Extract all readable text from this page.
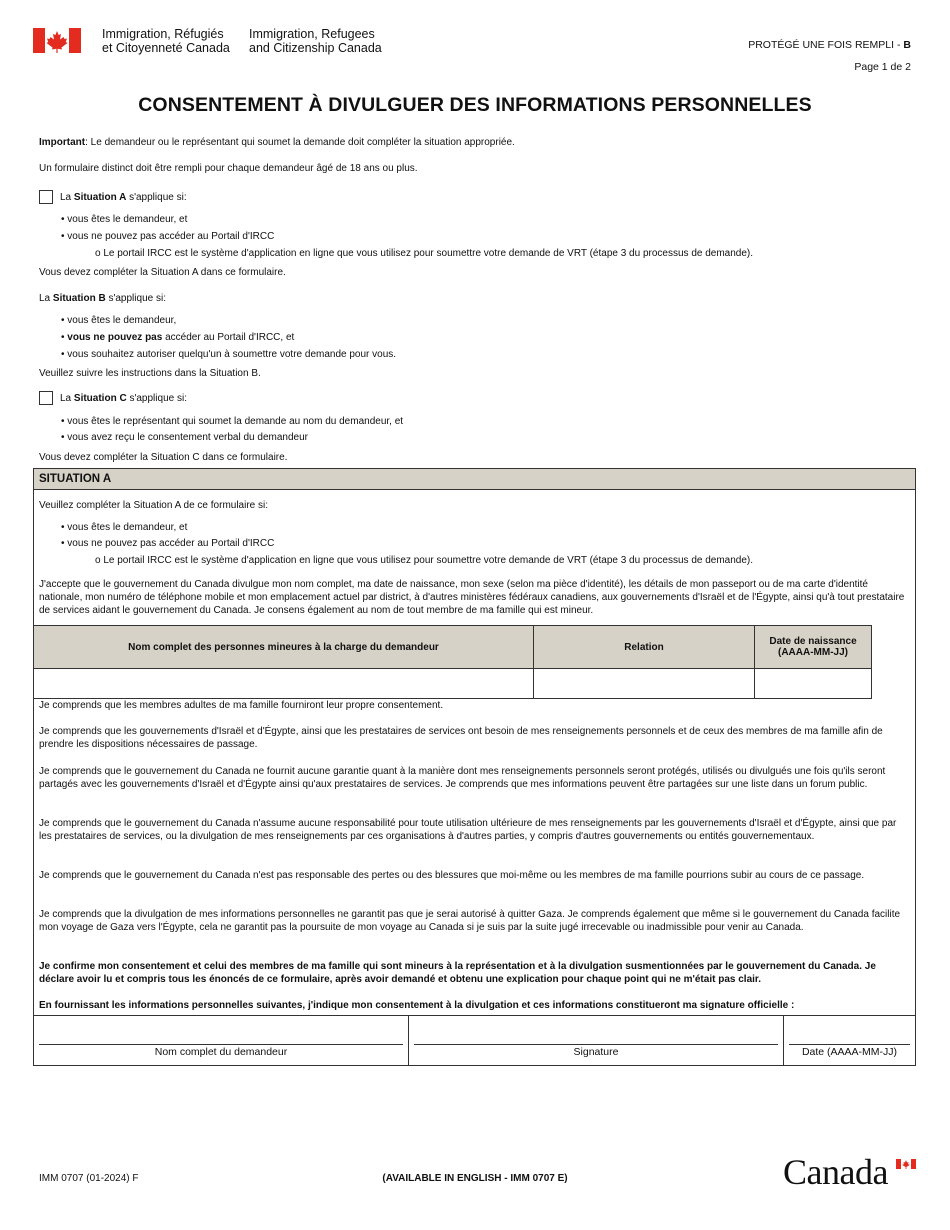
Immigration, Réfugiés
et Citoyenneté Canada
Immigration, Refugees
and Citizenship Canada	PROTÉGÉ UNE FOIS REMPLI - B
Page 1 de 2
CONSENTEMENT À DIVULGUER DES INFORMATIONS PERSONNELLES
Important: Le demandeur ou le représentant qui soumet la demande doit compléter la situation appropriée.
Un formulaire distinct doit être rempli pour chaque demandeur âgé de 18 ans ou plus.
La Situation A s'applique si:
• vous êtes le demandeur, et
• vous ne pouvez pas accéder au Portail d'IRCC
o Le portail IRCC est le système d'application en ligne que vous utilisez pour soumettre votre demande de VRT (étape 3 du processus de demande).
Vous devez compléter la Situation A dans ce formulaire.
La Situation B s'applique si:
• vous êtes le demandeur,
• vous ne pouvez pas accéder au Portail d'IRCC, et
• vous souhaitez autoriser quelqu'un à soumettre votre demande pour vous.
Veuillez suivre les instructions dans la Situation B.
La Situation C s'applique si:
• vous êtes le représentant qui soumet la demande au nom du demandeur, et
• vous avez reçu le consentement verbal du demandeur
Vous devez compléter la Situation C dans ce formulaire.
SITUATION A
Veuillez compléter la Situation A de ce formulaire si:
• vous êtes le demandeur, et
• vous ne pouvez pas accéder au Portail d'IRCC
o Le portail IRCC est le système d'application en ligne que vous utilisez pour soumettre votre demande de VRT (étape 3 du processus de demande).
J'accepte que le gouvernement du Canada divulgue mon nom complet, ma date de naissance, mon sexe (selon ma pièce d'identité), les détails de mon passeport ou de ma carte d'identité nationale, mon numéro de téléphone mobile et mon emplacement actuel par district, à d'autres ministères fédéraux canadiens, aux gouvernements d'Israël et de l'Égypte, ainsi qu'à tout prestataire de services aidant le gouvernement du Canada. Je consens également au nom de tout membre de ma famille qui est mineur.
Nom complet des personnes mineures à la charge du demandeur	Relation	Date de naissance
(AAAA-MM-JJ)

Je comprends que les membres adultes de ma famille fourniront leur propre consentement.
Je comprends que les gouvernements d'Israël et d'Égypte, ainsi que les prestataires de services ont besoin de mes renseignements personnels et de ceux des membres de ma famille afin de prendre les dispositions nécessaires de passage.
Je comprends que le gouvernement du Canada ne fournit aucune garantie quant à la manière dont mes renseignements personnels seront protégés, utilisés ou divulgués une fois qu'ils seront partagés avec les gouvernements d'Israël et d'Égypte ainsi qu'aux prestataires de services. Je comprends que mes informations peuvent être partagées sur une liste dans un forum public.
Je comprends que le gouvernement du Canada n'assume aucune responsabilité pour toute utilisation ultérieure de mes renseignements par les gouvernements d'Israël et d'Égypte, ainsi que par les prestataires de services, ou la divulgation de mes renseignements par ces organisations à d'autres parties, y compris d'autres gouvernements ou entités gouvernementaux.
Je comprends que le gouvernement du Canada n'est pas responsable des pertes ou des blessures que moi-même ou les membres de ma famille pourrions subir au cours de ce passage.
Je comprends que la divulgation de mes informations personnelles ne garantit pas que je serai autorisé à quitter Gaza. Je comprends également que même si le gouvernement du Canada facilite mon voyage de Gaza vers l'Égypte, cela ne garantit pas la poursuite de mon voyage au Canada si je suis par la suite jugé irrecevable ou inadmissible pour venir au Canada.
Je confirme mon consentement et celui des membres de ma famille qui sont mineurs à la représentation et à la divulgation susmentionnées par le gouvernement du Canada. Je déclare avoir lu et compris tous les énoncés de ce formulaire, après avoir demandé et obtenu une explication pour chaque point qui ne m'était pas clair.
En fournissant les informations personnelles suivantes, j'indique mon consentement à la divulgation et ces informations constitueront ma signature officielle :
Nom complet du demandeur	Signature	Date (AAAA-MM-JJ)
IMM 0707 (01-2024) F	(AVAILABLE IN ENGLISH - IMM 0707 E)	Canada
